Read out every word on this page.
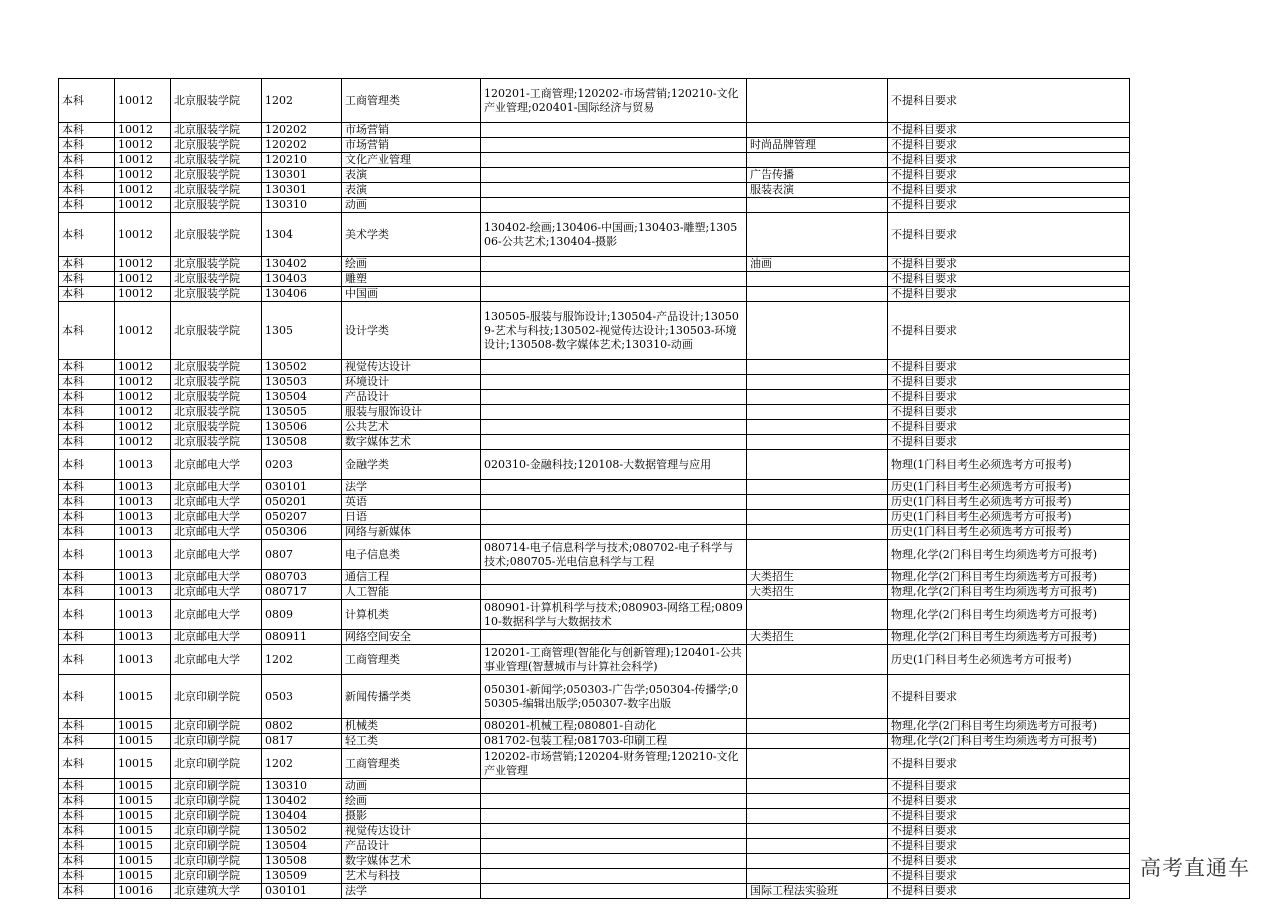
本科	10012	北京服装学院	1202	工商管理类	120201-工商管理;120202-市场营销;120210-文化产业管理;020401-国际经济与贸易		不提科目要求
本科	10012	北京服装学院	120202	市场营销			不提科目要求
本科	10012	北京服装学院	120202	市场营销		时尚品牌管理	不提科目要求
本科	10012	北京服装学院	120210	文化产业管理			不提科目要求
本科	10012	北京服装学院	130301	表演		广告传播	不提科目要求
本科	10012	北京服装学院	130301	表演		服装表演	不提科目要求
本科	10012	北京服装学院	130310	动画			不提科目要求
本科	10012	北京服装学院	1304	美术学类	130402-绘画;130406-中国画;130403-雕塑;130506-公共艺术;130404-摄影		不提科目要求
本科	10012	北京服装学院	130402	绘画		油画	不提科目要求
本科	10012	北京服装学院	130403	雕塑			不提科目要求
本科	10012	北京服装学院	130406	中国画			不提科目要求
本科	10012	北京服装学院	1305	设计学类	130505-服装与服饰设计;130504-产品设计;130509-艺术与科技;130502-视觉传达设计;130503-环境设计;130508-数字媒体艺术;130310-动画		不提科目要求
本科	10012	北京服装学院	130502	视觉传达设计			不提科目要求
本科	10012	北京服装学院	130503	环境设计			不提科目要求
本科	10012	北京服装学院	130504	产品设计			不提科目要求
本科	10012	北京服装学院	130505	服装与服饰设计			不提科目要求
本科	10012	北京服装学院	130506	公共艺术			不提科目要求
本科	10012	北京服装学院	130508	数字媒体艺术			不提科目要求
本科	10013	北京邮电大学	0203	金融学类	020310-金融科技;120108-大数据管理与应用		物理(1门科目考生必须选考方可报考)
本科	10013	北京邮电大学	030101	法学			历史(1门科目考生必须选考方可报考)
本科	10013	北京邮电大学	050201	英语			历史(1门科目考生必须选考方可报考)
本科	10013	北京邮电大学	050207	日语			历史(1门科目考生必须选考方可报考)
本科	10013	北京邮电大学	050306	网络与新媒体			历史(1门科目考生必须选考方可报考)
本科	10013	北京邮电大学	0807	电子信息类	080714-电子信息科学与技术;080702-电子科学与技术;080705-光电信息科学与工程		物理,化学(2门科目考生均须选考方可报考)
本科	10013	北京邮电大学	080703	通信工程		大类招生	物理,化学(2门科目考生均须选考方可报考)
本科	10013	北京邮电大学	080717	人工智能		大类招生	物理,化学(2门科目考生均须选考方可报考)
本科	10013	北京邮电大学	0809	计算机类	080901-计算机科学与技术;080903-网络工程;080910-数据科学与大数据技术		物理,化学(2门科目考生均须选考方可报考)
本科	10013	北京邮电大学	080911	网络空间安全		大类招生	物理,化学(2门科目考生均须选考方可报考)
本科	10013	北京邮电大学	1202	工商管理类	120201-工商管理(智能化与创新管理);120401-公共事业管理(智慧城市与计算社会科学)		历史(1门科目考生必须选考方可报考)
本科	10015	北京印刷学院	0503	新闻传播学类	050301-新闻学;050303-广告学;050304-传播学;050305-编辑出版学;050307-数字出版		不提科目要求
本科	10015	北京印刷学院	0802	机械类	080201-机械工程;080801-自动化		物理,化学(2门科目考生均须选考方可报考)
本科	10015	北京印刷学院	0817	轻工类	081702-包装工程;081703-印刷工程		物理,化学(2门科目考生均须选考方可报考)
本科	10015	北京印刷学院	1202	工商管理类	120202-市场营销;120204-财务管理;120210-文化产业管理		不提科目要求
本科	10015	北京印刷学院	130310	动画			不提科目要求
本科	10015	北京印刷学院	130402	绘画			不提科目要求
本科	10015	北京印刷学院	130404	摄影			不提科目要求
本科	10015	北京印刷学院	130502	视觉传达设计			不提科目要求
本科	10015	北京印刷学院	130504	产品设计			不提科目要求
本科	10015	北京印刷学院	130508	数字媒体艺术			不提科目要求
本科	10015	北京印刷学院	130509	艺术与科技			不提科目要求
本科	10016	北京建筑大学	030101	法学		国际工程法实验班	不提科目要求
高考直通车
